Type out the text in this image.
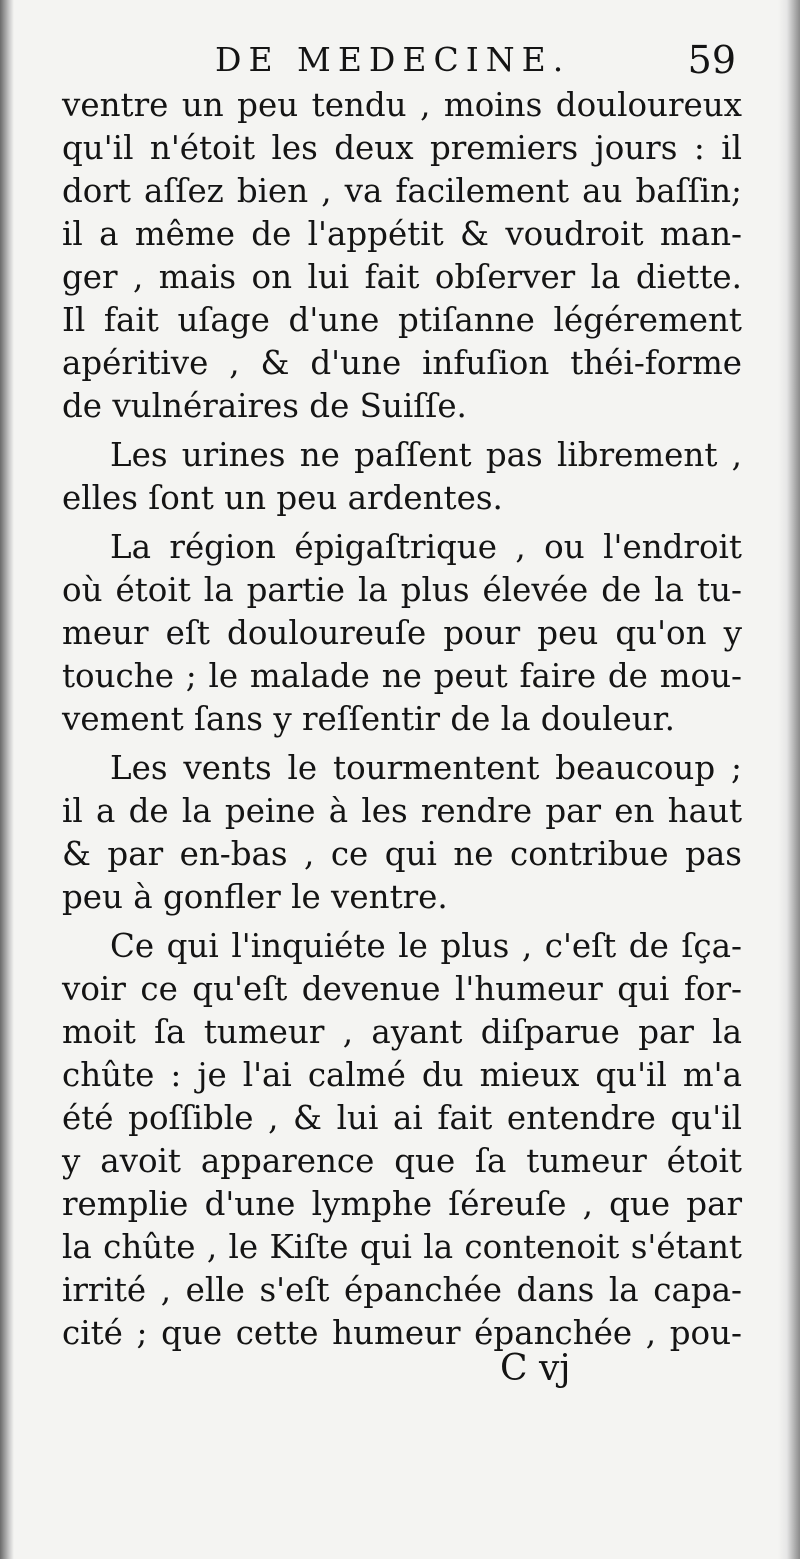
DE MEDECINE.	59
ventre un peu tendu , moins douloureux
qu'il n'étoit les deux premiers jours : il
dort aſſez bien , va facilement au baſſin;
il a même de l'appétit & voudroit man-
ger , mais on lui fait obſerver la diette.
Il fait uſage d'une ptiſanne légérement
apéritive , & d'une infuſion théi-forme
de vulnéraires de Suiſſe.
Les urines ne paſſent pas librement ,
elles ſont un peu ardentes.
La région épigaſtrique , ou l'endroit
où étoit la partie la plus élevée de la tu-
meur eſt douloureuſe pour peu qu'on y
touche ; le malade ne peut faire de mou-
vement ſans y reſſentir de la douleur.
Les vents le tourmentent beaucoup ;
il a de la peine à les rendre par en haut
& par en-bas , ce qui ne contribue pas
peu à gonfler le ventre.
Ce qui l'inquiéte le plus , c'eſt de ſça-
voir ce qu'eſt devenue l'humeur qui for-
moit ſa tumeur , ayant diſparue par la
chûte : je l'ai calmé du mieux qu'il m'a
été poſſible , & lui ai fait entendre qu'il
y avoit apparence que ſa tumeur étoit
remplie d'une lymphe ſéreuſe , que par
la chûte , le Kiſte qui la contenoit s'étant
irrité , elle s'eſt épanchée dans la capa-
cité ; que cette humeur épanchée , pou-
C vj
